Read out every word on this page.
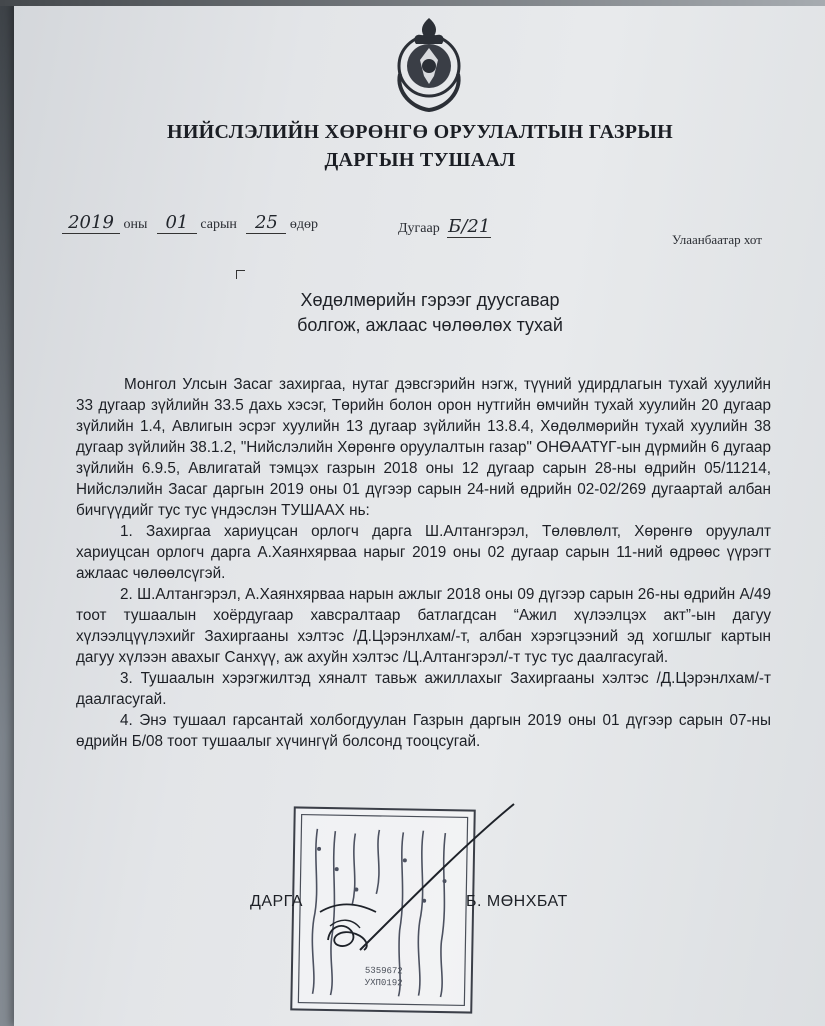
НИЙСЛЭЛИЙН ХӨРӨНГӨ ОРУУЛАЛТЫН ГАЗРЫН
ДАРГЫН ТУШААЛ
2019 оны 01 сарын 25 өдөр	Дугаар Б/21
Улаанбаатар хот
Хөдөлмөрийн гэрээг дуусгавар
болгож, ажлаас чөлөөлөх тухай

Монгол Улсын Засаг захиргаа, нутаг дэвсгэрийн нэгж, түүний удирдлагын тухай хуулийн 33 дугаар зүйлийн 33.5 дахь хэсэг, Төрийн болон орон нутгийн өмчийн тухай хуулийн 20 дугаар зүйлийн 1.4, Авлигын эсрэг хуулийн 13 дугаар зүйлийн 13.8.4, Хөдөлмөрийн тухай хуулийн 38 дугаар зүйлийн 38.1.2, "Нийслэлийн Хөрөнгө оруулалтын газар" ОНӨААТҮГ-ын дүрмийн 6 дугаар зүйлийн 6.9.5, Авлигатай тэмцэх газрын 2018 оны 12 дугаар сарын 28-ны өдрийн 05/11214, Нийслэлийн Засаг даргын 2019 оны 01 дүгээр сарын 24-ний өдрийн 02-02/269 дугаартай албан бичгүүдийг тус тус үндэслэн ТУШААХ нь:

1. Захиргаа хариуцсан орлогч дарга Ш.Алтангэрэл, Төлөвлөлт, Хөрөнгө оруулалт хариуцсан орлогч дарга А.Хаянхярваа нарыг 2019 оны 02 дугаар сарын 11-ний өдрөөс үүрэгт ажлаас чөлөөлсүгэй.

2. Ш.Алтангэрэл, А.Хаянхярваа нарын ажлыг 2018 оны 09 дүгээр сарын 26-ны өдрийн А/49 тоот тушаалын хоёрдугаар хавсралтаар батлагдсан “Ажил хүлээлцэх акт”-ын дагуу хүлээлцүүлэхийг Захиргааны хэлтэс /Д.Цэрэнлхам/-т, албан хэрэгцээний эд хогшлыг картын дагуу хүлээн авахыг Санхүү, аж ахуйн хэлтэс /Ц.Алтангэрэл/-т тус тус даалгасугай.

3. Тушаалын хэрэгжилтэд хяналт тавьж ажиллахыг Захиргааны хэлтэс /Д.Цэрэнлхам/-т даалгасугай.

4. Энэ тушаал гарсантай холбогдуулан Газрын даргын 2019 оны 01 дүгээр сарын 07-ны өдрийн Б/08 тоот тушаалыг хүчингүй болсонд тооцсугай.

5359672
УХП0192
ДАРГА	Б. МӨНХБАТ
